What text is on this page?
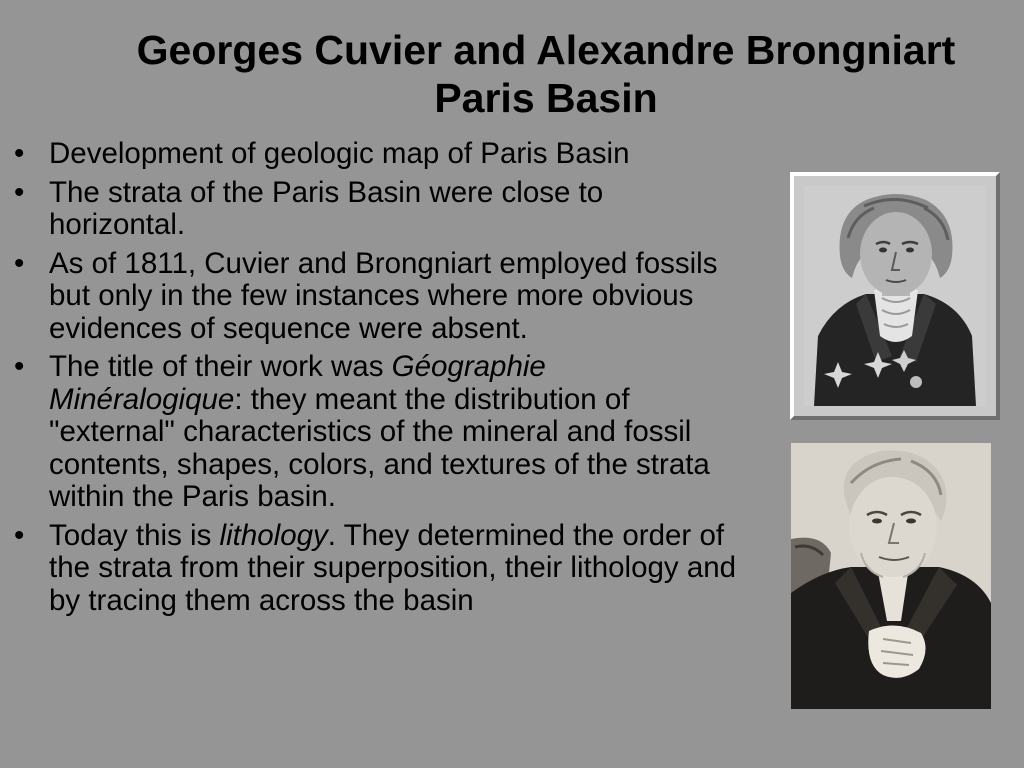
Georges Cuvier and Alexandre Brongniart
Paris Basin
• Development of geologic map of Paris Basin
• The strata of the Paris Basin were close to horizontal.
• As of 1811, Cuvier and Brongniart employed fossils but only in the few instances where more obvious evidences of sequence were absent.
• The title of their work was Géographie Minéralogique: they meant the distribution of "external" characteristics of the mineral and fossil contents, shapes, colors, and textures of the strata within the Paris basin.
• Today this is lithology. They determined the order of the strata from their superposition, their lithology and by tracing them across the basin
